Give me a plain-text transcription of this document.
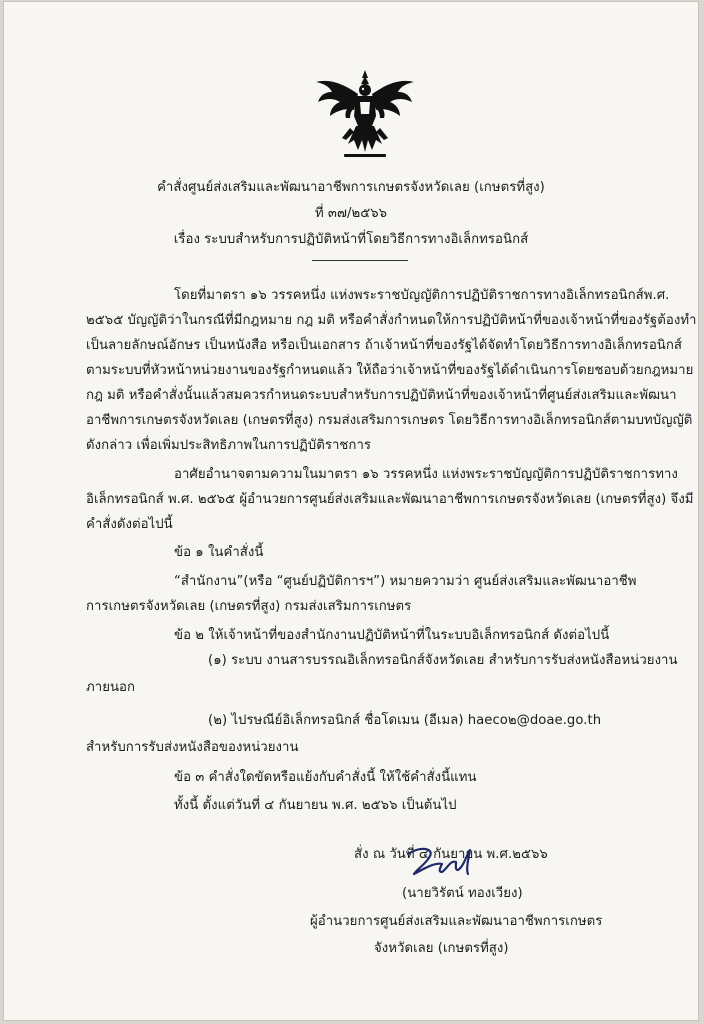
คำสั่งศูนย์ส่งเสริมและพัฒนาอาชีพการเกษตรจังหวัดเลย (เกษตรที่สูง)
ที่ ๓๗/๒๕๖๖
เรื่อง ระบบสำหรับการปฏิบัติหน้าที่โดยวิธีการทางอิเล็กทรอนิกส์
โดยที่มาตรา ๑๖ วรรคหนึ่ง แห่งพระราชบัญญัติการปฏิบัติราชการทางอิเล็กทรอนิกส์พ.ศ.
๒๕๖๕ บัญญัติว่าในกรณีที่มีกฎหมาย กฎ มติ หรือคำสั่งกำหนดให้การปฏิบัติหน้าที่ของเจ้าหน้าที่ของรัฐต้องทำ
เป็นลายลักษณ์อักษร เป็นหนังสือ หรือเป็นเอกสาร ถ้าเจ้าหน้าที่ของรัฐได้จัดทำโดยวิธีการทางอิเล็กทรอนิกส์
ตามระบบที่หัวหน้าหน่วยงานของรัฐกำหนดแล้ว ให้ถือว่าเจ้าหน้าที่ของรัฐได้ดำเนินการโดยชอบด้วยกฎหมาย
กฎ มติ หรือคำสั่งนั้นแล้วสมควรกำหนดระบบสำหรับการปฏิบัติหน้าที่ของเจ้าหน้าที่ศูนย์ส่งเสริมและพัฒนา
อาชีพการเกษตรจังหวัดเลย (เกษตรที่สูง) กรมส่งเสริมการเกษตร โดยวิธีการทางอิเล็กทรอนิกส์ตามบทบัญญัติ
ดังกล่าว เพื่อเพิ่มประสิทธิภาพในการปฏิบัติราชการ
อาศัยอำนาจตามความในมาตรา ๑๖ วรรคหนึ่ง แห่งพระราชบัญญัติการปฏิบัติราชการทาง
อิเล็กทรอนิกส์ พ.ศ. ๒๕๖๕ ผู้อำนวยการศูนย์ส่งเสริมและพัฒนาอาชีพการเกษตรจังหวัดเลย (เกษตรที่สูง) จึงมี
คำสั่งดังต่อไปนี้
ข้อ ๑ ในคำสั่งนี้
“สำนักงาน”(หรือ “ศูนย์ปฏิบัติการฯ”) หมายความว่า ศูนย์ส่งเสริมและพัฒนาอาชีพ
การเกษตรจังหวัดเลย (เกษตรที่สูง) กรมส่งเสริมการเกษตร
ข้อ ๒ ให้เจ้าหน้าที่ของสำนักงานปฏิบัติหน้าที่ในระบบอิเล็กทรอนิกส์ ดังต่อไปนี้
(๑) ระบบ งานสารบรรณอิเล็กทรอนิกส์จังหวัดเลย สำหรับการรับส่งหนังสือหน่วยงาน
ภายนอก
(๒) ไปรษณีย์อิเล็กทรอนิกส์ ชื่อโดเมน (อีเมล) haeco๒@doae.go.th
สำหรับการรับส่งหนังสือของหน่วยงาน
ข้อ ๓ คำสั่งใดขัดหรือแย้งกับคำสั่งนี้ ให้ใช้คำสั่งนี้แทน
ทั้งนี้ ตั้งแต่วันที่ ๔ กันยายน พ.ศ. ๒๕๖๖ เป็นต้นไป
สั่ง ณ วันที่ ๔ กันยายน พ.ศ.๒๕๖๖
(นายวิรัตน์ ทองเวียง)
ผู้อำนวยการศูนย์ส่งเสริมและพัฒนาอาชีพการเกษตร
จังหวัดเลย (เกษตรที่สูง)
